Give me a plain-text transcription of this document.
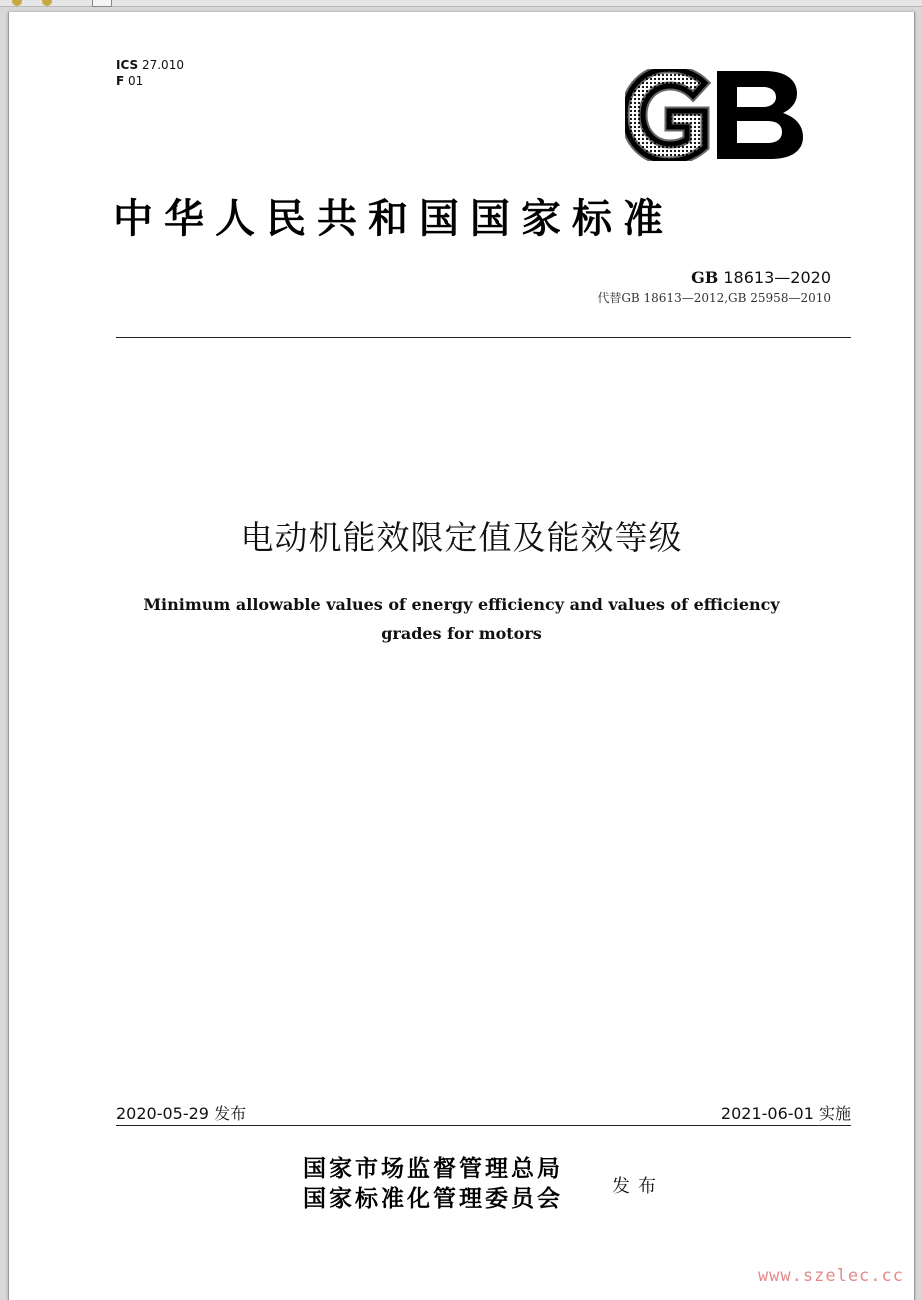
ICS 27.010
F 01
中华人民共和国国家标准
GB 18613—2020
代替GB 18613—2012,GB 25958—2010
电动机能效限定值及能效等级
Minimum allowable values of energy efficiency and values of efficiency
grades for motors
2020-05-29 发布	2021-06-01 实施
国家市场监督管理总局
国家标准化管理委员会	发布
www.szelec.cc
